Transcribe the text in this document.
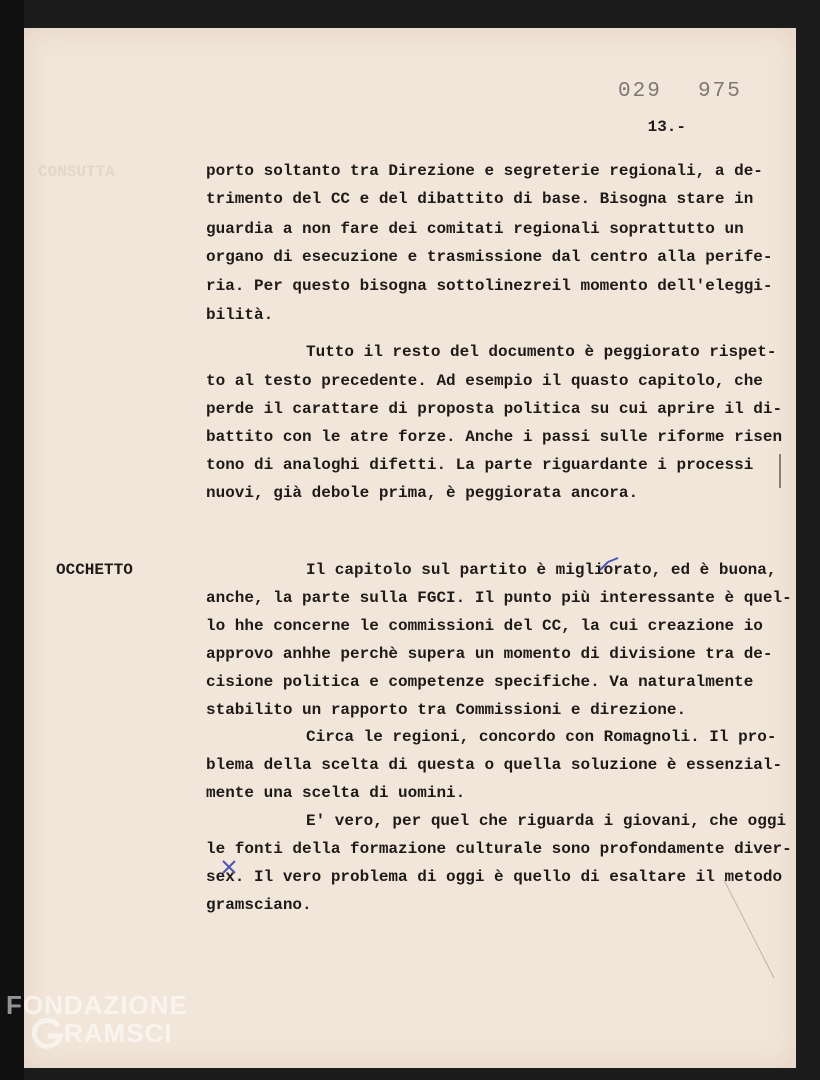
CONSUTTA
029 975
13.-
porto soltanto tra Direzione e segreterie regionali, a de-
trimento del CC e del dibattito di base. Bisogna stare in
guardia a non fare dei comitati regionali soprattutto un
organo di esecuzione e trasmissione dal centro alla perife-
ria. Per questo bisogna sottolinezreil momento dell'eleggi-
bilità.
Tutto il resto del documento è peggiorato rispet-
to al testo precedente. Ad esempio il quasto capitolo, che
perde il carattare di proposta politica su cui aprire il di-
battito con le atre forze. Anche i passi sulle riforme risen
tono di analoghi difetti. La parte riguardante i processi
nuovi, già debole prima, è peggiorata ancora.
OCCHETTO	Il capitolo sul partito è migliorato, ed è buona,
anche, la parte sulla FGCI. Il punto più interessante è quel-
lo hhe concerne le commissioni del CC, la cui creazione io
approvo anhhe perchè supera un momento di divisione tra de-
cisione politica e competenze specifiche. Va naturalmente
stabilito un rapporto tra Commissioni e direzione.
Circa le regioni, concordo con Romagnoli. Il pro-
blema della scelta di questa o quella soluzione è essenzial-
mente una scelta di uomini.
E' vero, per quel che riguarda i giovani, che oggi
le fonti della formazione culturale sono profondamente diver-
sex. Il vero problema di oggi è quello di esaltare il metodo
gramsciano.
FONDAZIONE
RAMSCI
